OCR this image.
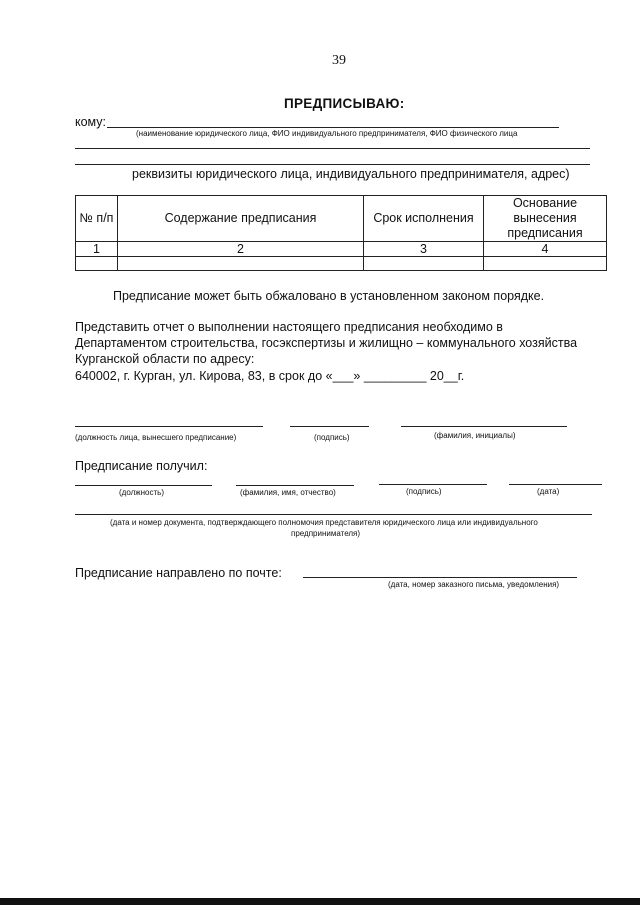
39
ПРЕДПИСЫВАЮ:
кому:
(наименование юридического лица, ФИО индивидуального предпринимателя, ФИО физического лица
реквизиты юридического лица, индивидуального предпринимателя, адрес)
№ п/п	Содержание предписания	Срок исполнения	Основание вынесения предписания
1	2	3	4

Предписание может быть обжаловано в установленном законом порядке.
Представить отчет о выполнении настоящего предписания необходимо в
Департаментом строительства, госэкспертизы и жилищно – коммунального хозяйства
Курганской области по адресу:
640002, г. Курган, ул. Кирова, 83, в срок до «___» _________ 20__г.
(должность лица, вынесшего предписание)	(подпись)	(фамилия, инициалы)
Предписание получил:
(должность)	(фамилия, имя, отчество)	(подпись)	(дата)
(дата и номер документа, подтверждающего полномочия представителя юридического лица или индивидуального
предпринимателя)
Предписание направлено по почте:
(дата, номер заказного письма, уведомления)
